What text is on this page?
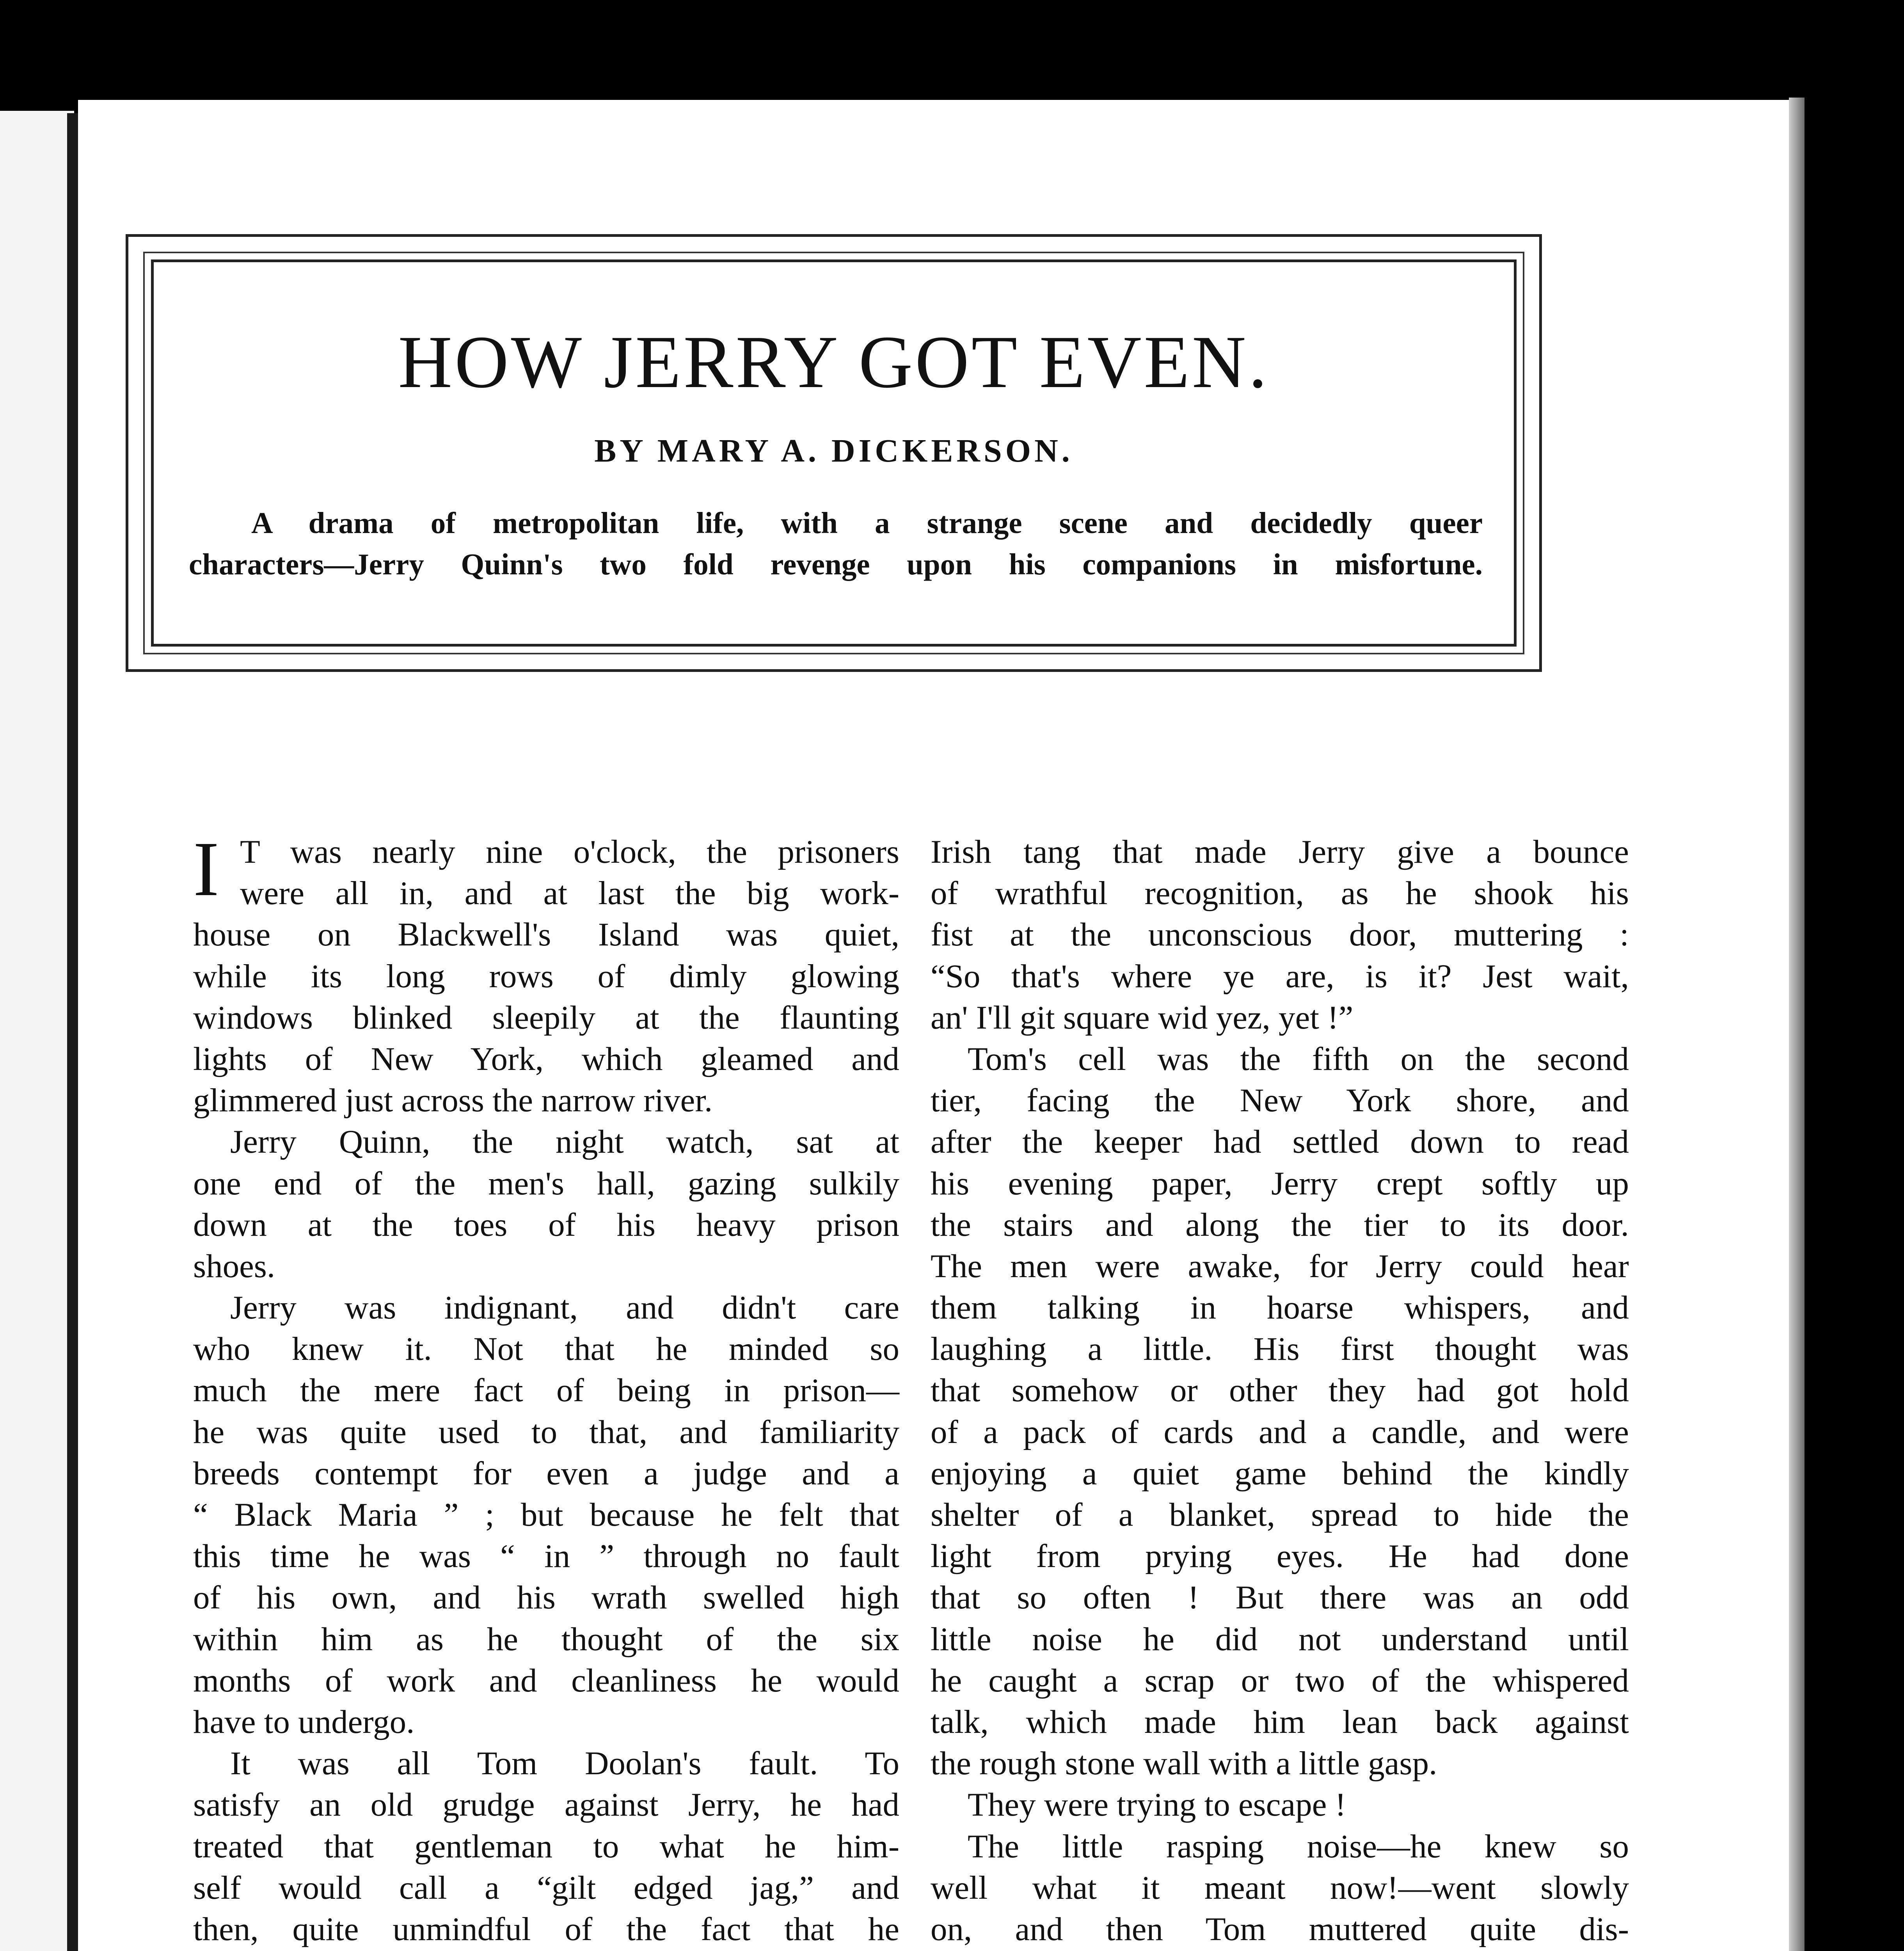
HOW JERRY GOT EVEN.
BY MARY A. DICKERSON.
A drama of metropolitan life, with a strange scene and decidedly queer
characters—Jerry Quinn's two fold revenge upon his companions in misfortune.
I T was nearly nine o'clock, the prisoners
were all in, and at last the big work-
house on Blackwell's Island was quiet,
while its long rows of dimly glowing
windows blinked sleepily at the flaunting
lights of New York, which gleamed and
glimmered just across the narrow river.
Jerry Quinn, the night watch, sat at
one end of the men's hall, gazing sulkily
down at the toes of his heavy prison
shoes.
Jerry was indignant, and didn't care
who knew it. Not that he minded so
much the mere fact of being in prison—
he was quite used to that, and familiarity
breeds contempt for even a judge and a
“ Black Maria ” ; but because he felt that
this time he was “ in ” through no fault
of his own, and his wrath swelled high
within him as he thought of the six
months of work and cleanliness he would
have to undergo.
It was all Tom Doolan's fault. To
satisfy an old grudge against Jerry, he had
treated that gentleman to what he him-
self would call a “gilt edged jag,” and
then, quite unmindful of the fact that he
Irish tang that made Jerry give a bounce
of wrathful recognition, as he shook his
fist at the unconscious door, muttering :
“So that's where ye are, is it? Jest wait,
an' I'll git square wid yez, yet !”
Tom's cell was the fifth on the second
tier, facing the New York shore, and
after the keeper had settled down to read
his evening paper, Jerry crept softly up
the stairs and along the tier to its door.
The men were awake, for Jerry could hear
them talking in hoarse whispers, and
laughing a little. His first thought was
that somehow or other they had got hold
of a pack of cards and a candle, and were
enjoying a quiet game behind the kindly
shelter of a blanket, spread to hide the
light from prying eyes. He had done
that so often ! But there was an odd
little noise he did not understand until
he caught a scrap or two of the whispered
talk, which made him lean back against
the rough stone wall with a little gasp.
They were trying to escape !
The little rasping noise—he knew so
well what it meant now!—went slowly
on, and then Tom muttered quite dis-
